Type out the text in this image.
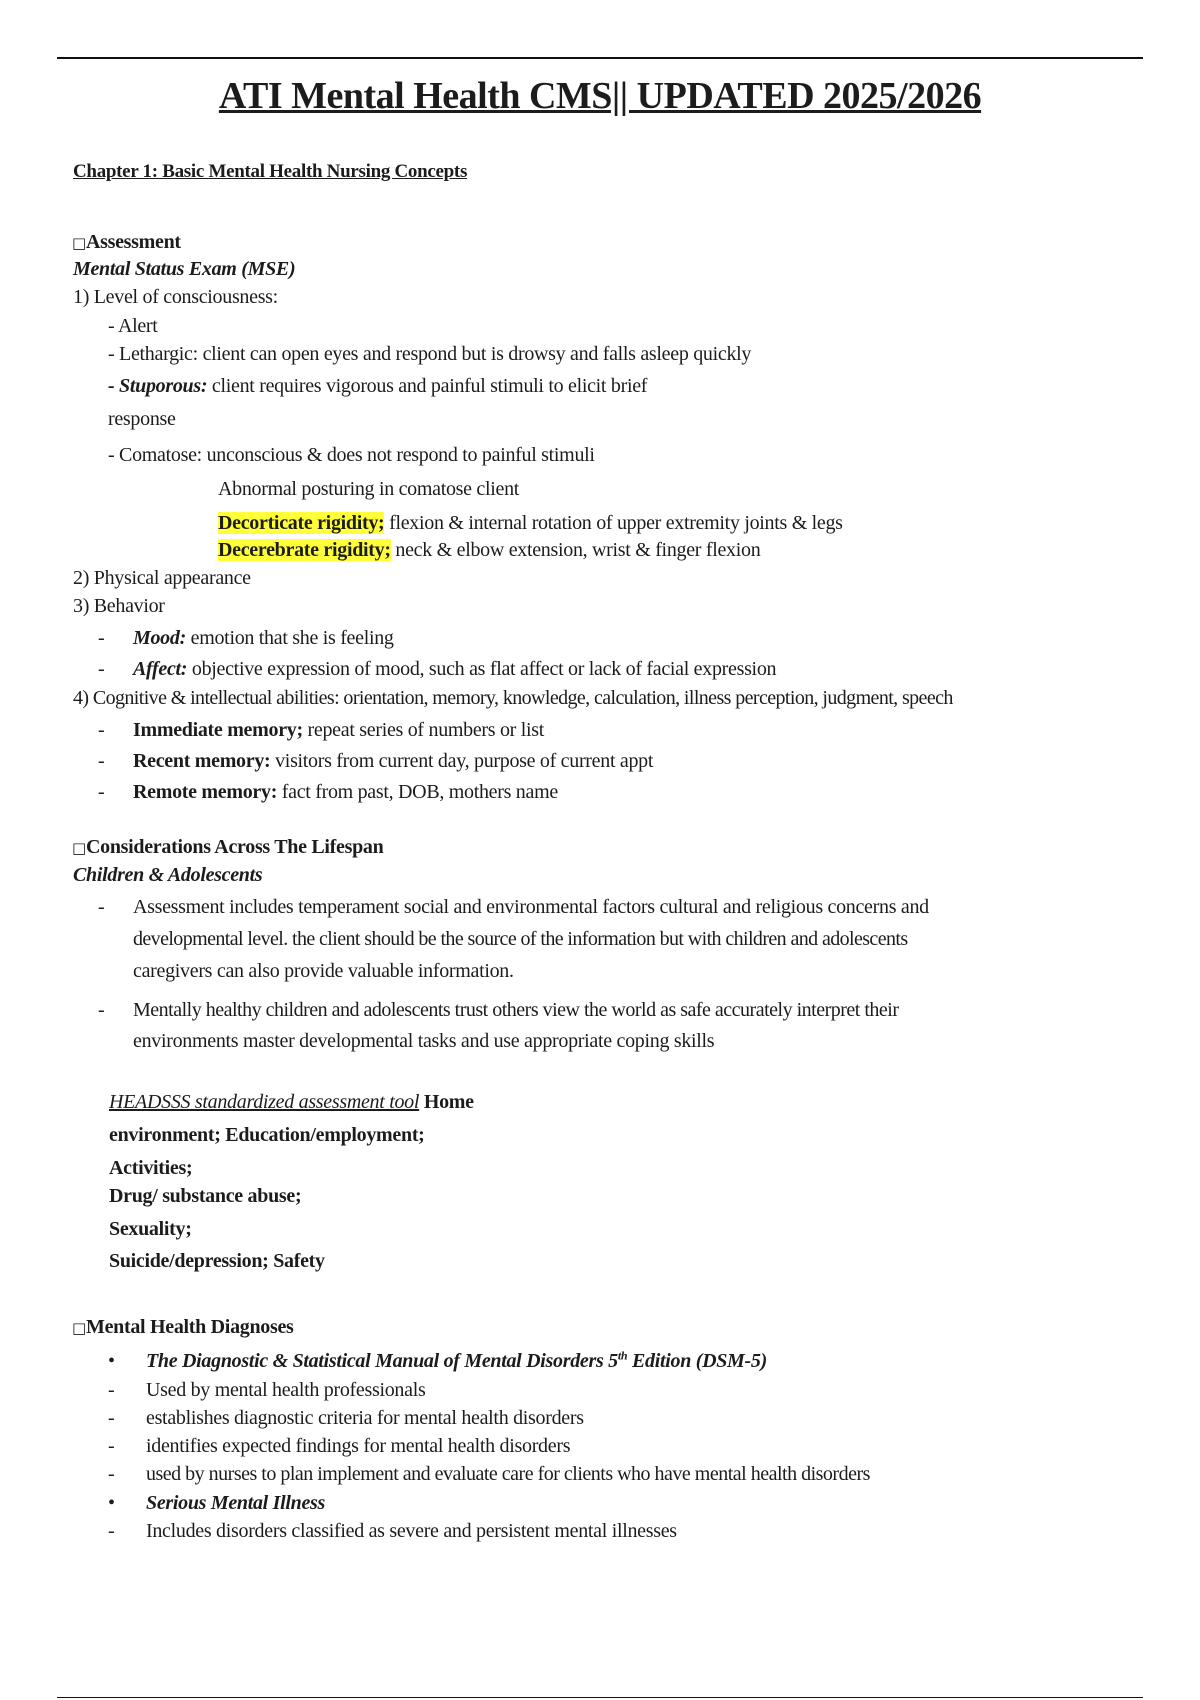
ATI Mental Health CMS|| UPDATED 2025/2026
Chapter 1: Basic Mental Health Nursing Concepts
□Assessment
Mental Status Exam (MSE)
1) Level of consciousness:
- Alert
- Lethargic: client can open eyes and respond but is drowsy and falls asleep quickly
- Stuporous: client requires vigorous and painful stimuli to elicit brief
response
- Comatose: unconscious & does not respond to painful stimuli
Abnormal posturing in comatose client
Decorticate rigidity; flexion & internal rotation of upper extremity joints & legs
Decerebrate rigidity; neck & elbow extension, wrist & finger flexion
2) Physical appearance
3) Behavior
- Mood: emotion that she is feeling
- Affect: objective expression of mood, such as flat affect or lack of facial expression
4) Cognitive & intellectual abilities: orientation, memory, knowledge, calculation, illness perception, judgment, speech
- Immediate memory; repeat series of numbers or list
- Recent memory: visitors from current day, purpose of current appt
- Remote memory: fact from past, DOB, mothers name
□Considerations Across The Lifespan
Children & Adolescents
- Assessment includes temperament social and environmental factors cultural and religious concerns and
developmental level. the client should be the source of the information but with children and adolescents
caregivers can also provide valuable information.
- Mentally healthy children and adolescents trust others view the world as safe accurately interpret their
environments master developmental tasks and use appropriate coping skills
HEADSSS standardized assessment tool Home
environment; Education/employment;
Activities;
Drug/ substance abuse;
Sexuality;
Suicide/depression; Safety
□Mental Health Diagnoses
• The Diagnostic & Statistical Manual of Mental Disorders 5th Edition (DSM-5)
- Used by mental health professionals
- establishes diagnostic criteria for mental health disorders
- identifies expected findings for mental health disorders
- used by nurses to plan implement and evaluate care for clients who have mental health disorders
• Serious Mental Illness
- Includes disorders classified as severe and persistent mental illnesses
